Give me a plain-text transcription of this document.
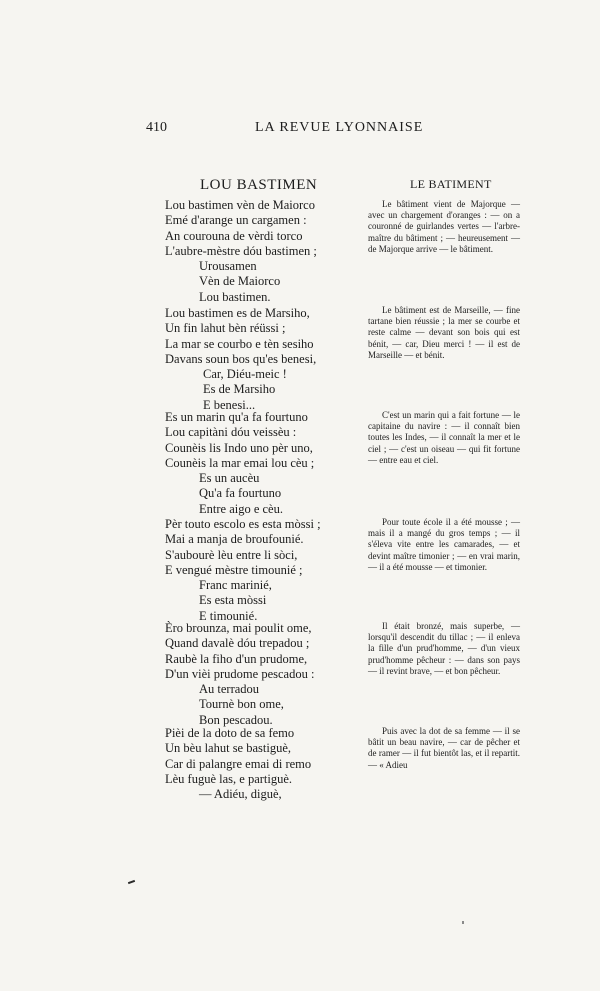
410	LA REVUE LYONNAISE
LOU BASTIMEN	LE BATIMENT
Lou bastimen vèn de Maiorco
Emé d'arange un cargamen :
An courouna de vèrdi torco
L'aubre-mèstre dóu bastimen ;
Urousamen
Vèn de Maiorco
Lou bastimen.
Lou bastimen es de Marsiho,
Un fin lahut bèn réüssi ;
La mar se courbo e tèn sesiho
Davans soun bos qu'es benesi,
Car, Diéu-meic !
Es de Marsiho
E benesi...
Es un marin qu'a fa fourtuno
Lou capitàni dóu veissèu :
Counèis lis Indo uno pèr uno,
Counèis la mar emai lou cèu ;
Es un aucèu
Qu'a fa fourtuno
Entre aigo e cèu.
Pèr touto escolo es esta mòssi ;
Mai a manja de broufounié.
S'aubourè lèu entre li sòci,
E vengué mèstre timounié ;
Franc marinié,
Es esta mòssi
E timounié.
Èro brounza, mai poulit ome,
Quand davalè dóu trepadou ;
Raubè la fiho d'un prudome,
D'un vièi prudome pescadou :
Au terradou
Tournè bon ome,
Bon pescadou.
Pièi de la doto de sa femo
Un bèu lahut se bastiguè,
Car di palangre emai di remo
Lèu fuguè las, e partiguè.
— Adiéu, diguè,
Le bâtiment vient de Majorque — avec un chargement d'oranges : — on a couronné de guirlandes vertes — l'arbre-maître du bâtiment ; — heureusement — de Majorque arrive — le bâtiment.
Le bâtiment est de Marseille, — fine tartane bien réussie ; la mer se courbe et reste calme — devant son bois qui est bénit, — car, Dieu merci ! — il est de Marseille — et bénit.
C'est un marin qui a fait fortune — le capitaine du navire : — il connaît bien toutes les Indes, — il connaît la mer et le ciel ; — c'est un oiseau — qui fit fortune — entre eau et ciel.
Pour toute école il a été mousse ; — mais il a mangé du gros temps ; — il s'éleva vite entre les camarades, — et devint maître timonier ; — en vrai marin, — il a été mousse — et timonier.
Il était bronzé, mais superbe, — lorsqu'il descendit du tillac ; — il enleva la fille d'un prud'homme, — d'un vieux prud'homme pêcheur : — dans son pays — il revint brave, — et bon pêcheur.
Puis avec la dot de sa femme — il se bâtit un beau navire, — car de pêcher et de ramer — il fut bientôt las, et il repartit. — « Adieu
